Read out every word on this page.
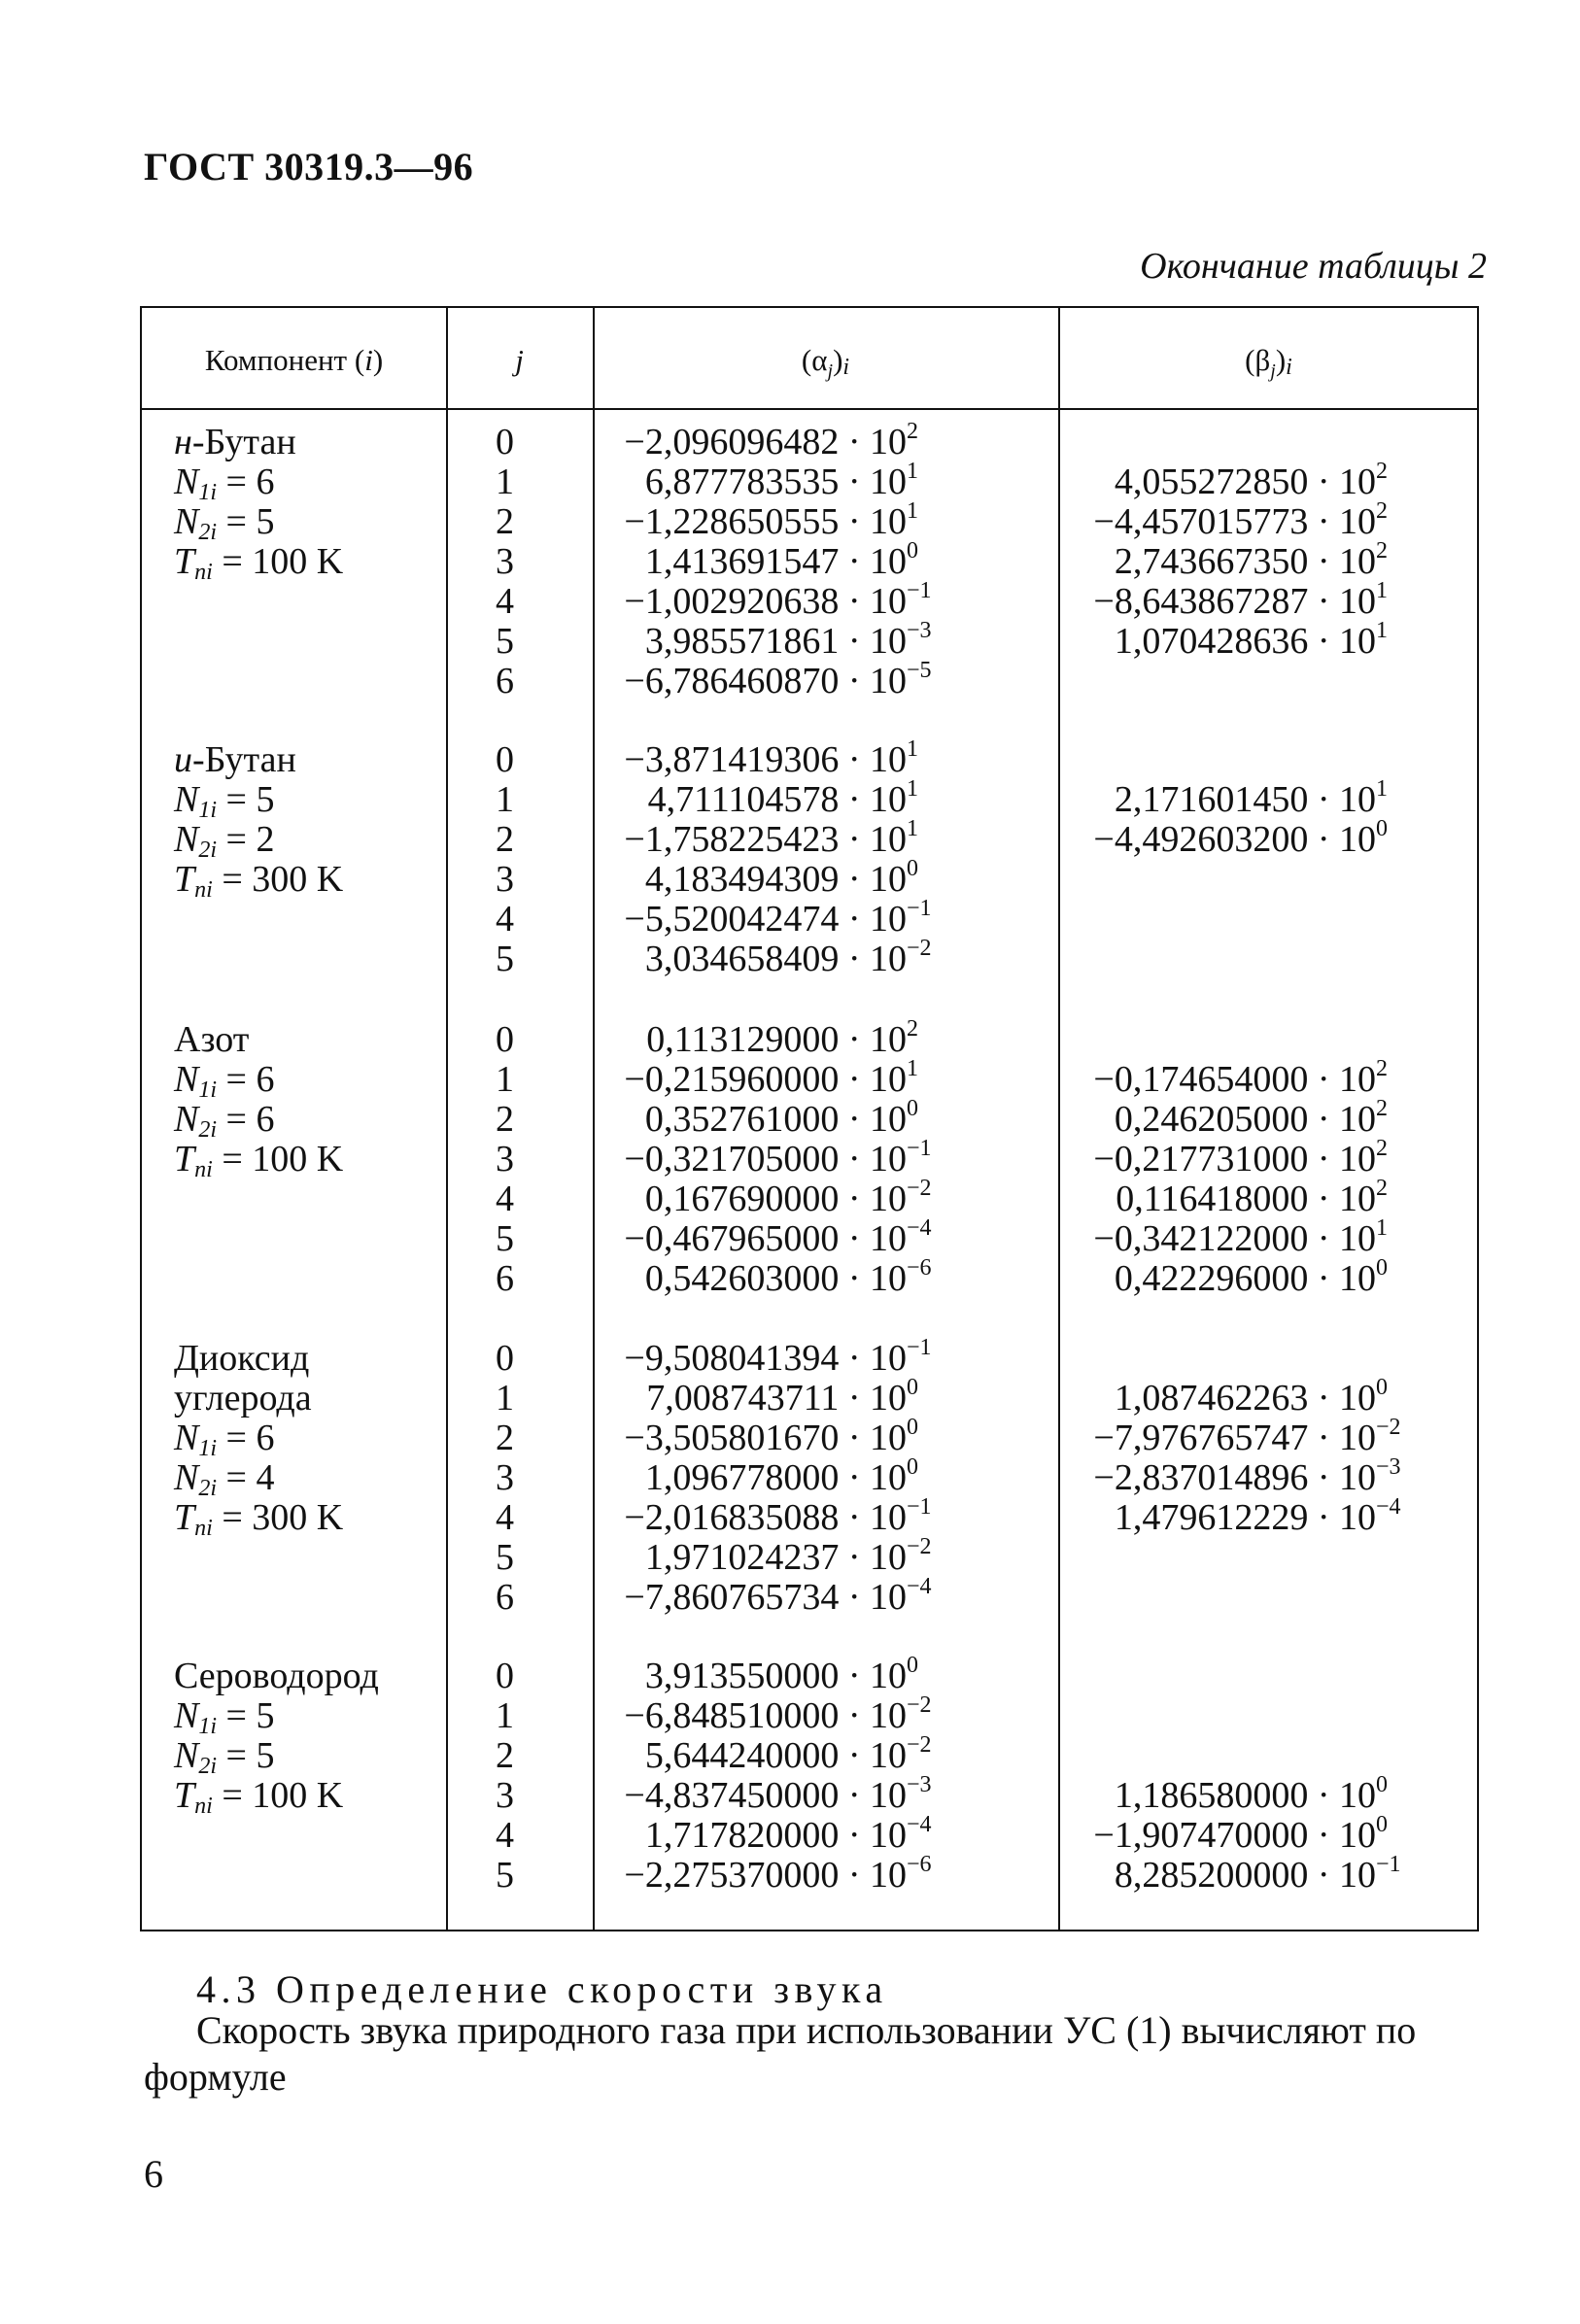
ГОСТ 30319.3—96
Окончание таблицы 2
Компонент (i)	j	$(\alpha_j)i$	$(\beta_j)i$
н-Бутан	0	$-2,096096482 \cdot 10^2$
$N_{1i} = 6$	1	$6,877783535 \cdot 10^1$	$4,055272850 \cdot 10^2$
$N_{2i} = 5$	2	$-1,228650555 \cdot 10^1$	$-4,457015773 \cdot 10^2$
$T_{ni} = 100$ K	3	$1,413691547 \cdot 10^0$	$2,743667350 \cdot 10^2$
4	$-1,002920638 \cdot 10^{-1}$	$-8,643867287 \cdot 10^1$
5	$3,985571861 \cdot 10^{-3}$	$1,070428636 \cdot 10^1$
6	$-6,786460870 \cdot 10^{-5}$
и-Бутан	0	$-3,871419306 \cdot 10^1$
$N_{1i} = 5$	1	$4,711104578 \cdot 10^1$	$2,171601450 \cdot 10^1$
$N_{2i} = 2$	2	$-1,758225423 \cdot 10^1$	$-4,492603200 \cdot 10^0$
$T_{ni} = 300$ K	3	$4,183494309 \cdot 10^0$
4	$-5,520042474 \cdot 10^{-1}$
5	$3,034658409 \cdot 10^{-2}$
Азот	0	$0,113129000 \cdot 10^2$
$N_{1i} = 6$	1	$-0,215960000 \cdot 10^1$	$-0,174654000 \cdot 10^2$
$N_{2i} = 6$	2	$0,352761000 \cdot 10^0$	$0,246205000 \cdot 10^2$
$T_{ni} = 100$ K	3	$-0,321705000 \cdot 10^{-1}$	$-0,217731000 \cdot 10^2$
4	$0,167690000 \cdot 10^{-2}$	$0,116418000 \cdot 10^2$
5	$-0,467965000 \cdot 10^{-4}$	$-0,342122000 \cdot 10^1$
6	$0,542603000 \cdot 10^{-6}$	$0,422296000 \cdot 10^0$
Диоксид	0	$-9,508041394 \cdot 10^{-1}$
углерода	1	$7,008743711 \cdot 10^0$	$1,087462263 \cdot 10^0$
$N_{1i} = 6$	2	$-3,505801670 \cdot 10^0$	$-7,976765747 \cdot 10^{-2}$
$N_{2i} = 4$	3	$1,096778000 \cdot 10^0$	$-2,837014896 \cdot 10^{-3}$
$T_{ni} = 300$ K	4	$-2,016835088 \cdot 10^{-1}$	$1,479612229 \cdot 10^{-4}$
5	$1,971024237 \cdot 10^{-2}$
6	$-7,860765734 \cdot 10^{-4}$
Сероводород	0	$3,913550000 \cdot 10^0$
$N_{1i} = 5$	1	$-6,848510000 \cdot 10^{-2}$
$N_{2i} = 5$	2	$5,644240000 \cdot 10^{-2}$
$T_{ni} = 100$ K	3	$-4,837450000 \cdot 10^{-3}$	$1,186580000 \cdot 10^0$
4	$1,717820000 \cdot 10^{-4}$	$-1,907470000 \cdot 10^0$
5	$-2,275370000 \cdot 10^{-6}$	$8,285200000 \cdot 10^{-1}$
4.3 Определение скорости звука
Скорость звука природного газа при использовании УС (1) вычисляют по формуле
6
